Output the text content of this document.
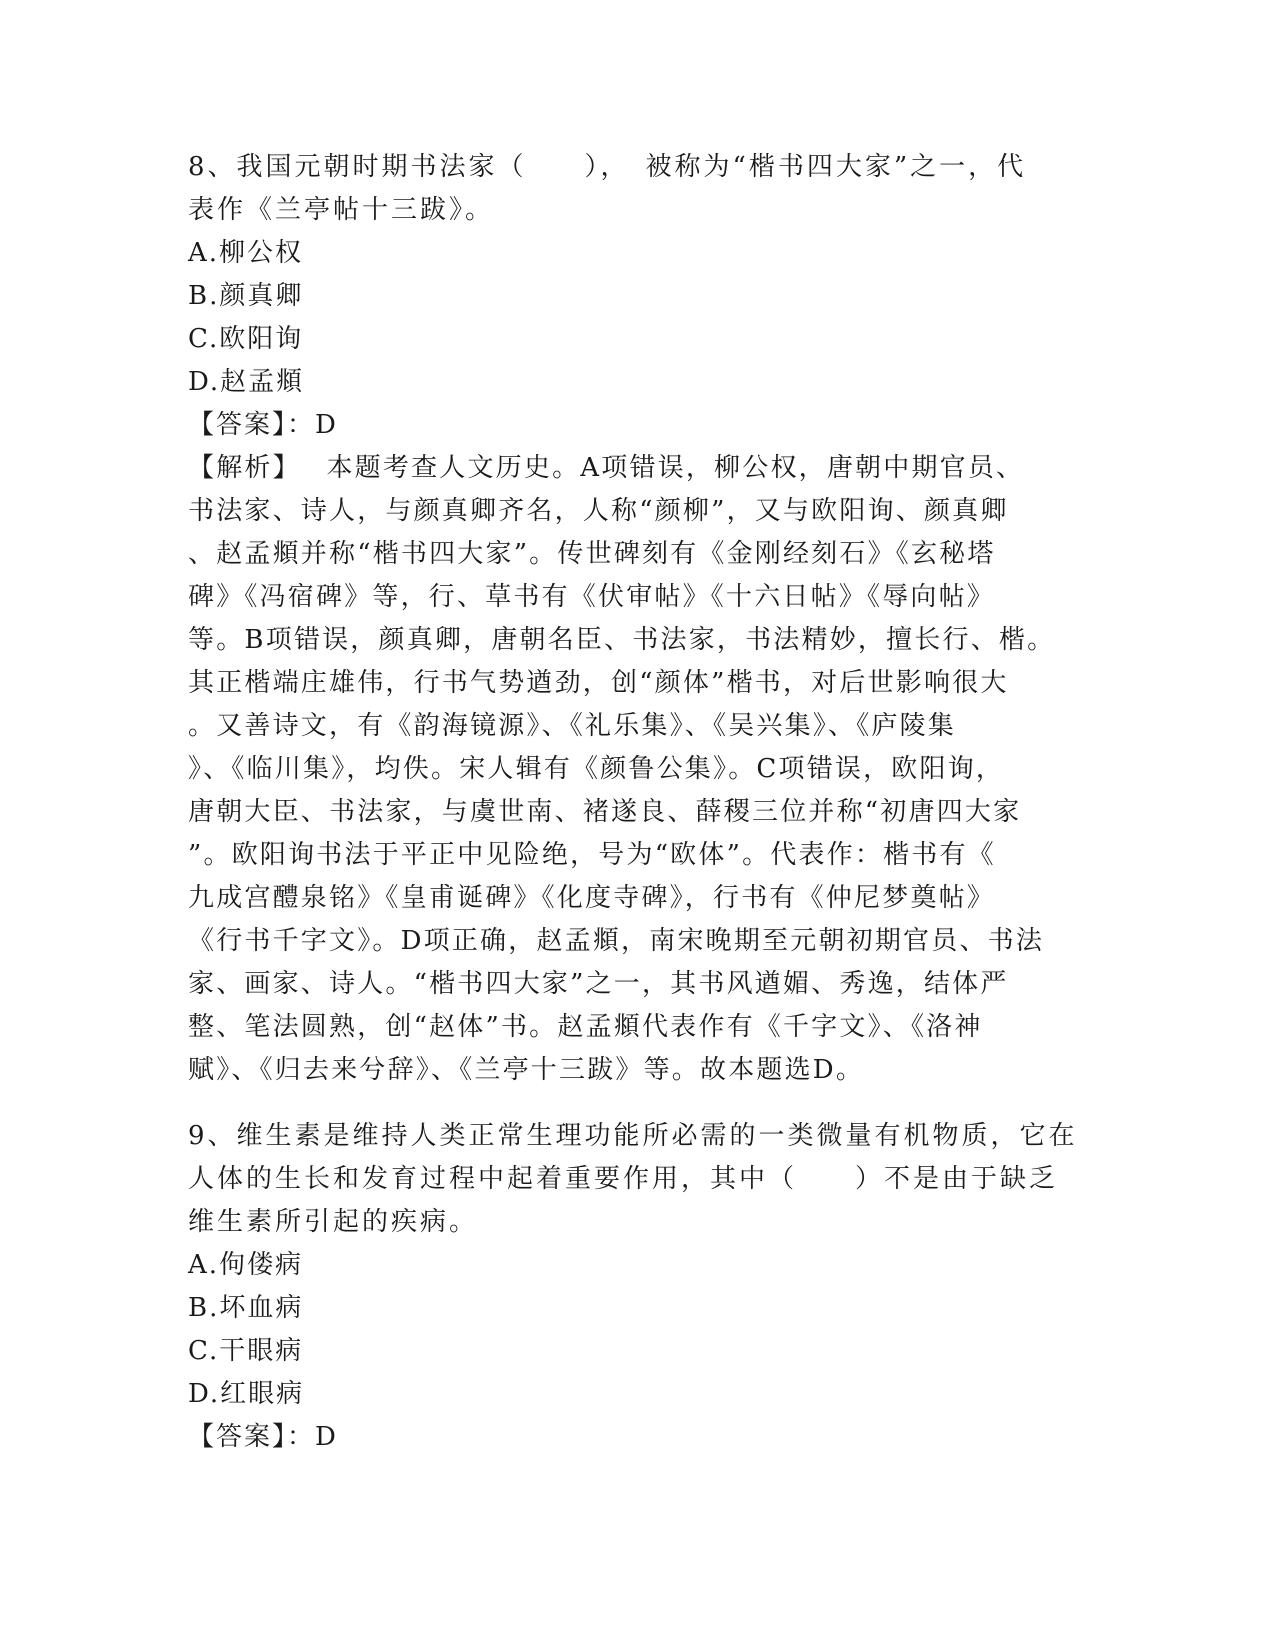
8、我国元朝时期书法家（　　），　被称为“楷书四大家”之一，代
表作《兰亭帖十三跋》。
A.柳公权
B.颜真卿
C.欧阳询
D.赵孟頫
【答案】：D
【解析】　 本题考查人文历史。A项错误，柳公权，唐朝中期官员、
书法家、诗人，与颜真卿齐名，人称“颜柳”，又与欧阳询、颜真卿
、赵孟頫并称“楷书四大家”。传世碑刻有《金刚经刻石》《玄秘塔
碑》《冯宿碑》等，行、草书有《伏审帖》《十六日帖》《辱向帖》
等。B项错误，颜真卿，唐朝名臣、书法家，书法精妙，擅长行、楷。
其正楷端庄雄伟，行书气势遒劲，创“颜体”楷书，对后世影响很大
。又善诗文，有《韵海镜源》、《礼乐集》、《吴兴集》、《庐陵集
》、《临川集》，均佚。宋人辑有《颜鲁公集》。C项错误，欧阳询，
唐朝大臣、书法家，与虞世南、褚遂良、薛稷三位并称“初唐四大家
”。欧阳询书法于平正中见险绝，号为“欧体”。代表作：楷书有《
九成宫醴泉铭》《皇甫诞碑》《化度寺碑》，行书有《仲尼梦奠帖》
《行书千字文》。D项正确，赵孟頫，南宋晚期至元朝初期官员、书法
家、画家、诗人。“楷书四大家”之一，其书风遒媚、秀逸，结体严
整、笔法圆熟，创“赵体”书。赵孟頫代表作有《千字文》、《洛神
赋》、《归去来兮辞》、《兰亭十三跋》等。故本题选D。
9、维生素是维持人类正常生理功能所必需的一类微量有机物质，它在
人体的生长和发育过程中起着重要作用，其中（　　）不是由于缺乏
维生素所引起的疾病。
A.佝偻病
B.坏血病
C.干眼病
D.红眼病
【答案】：D
